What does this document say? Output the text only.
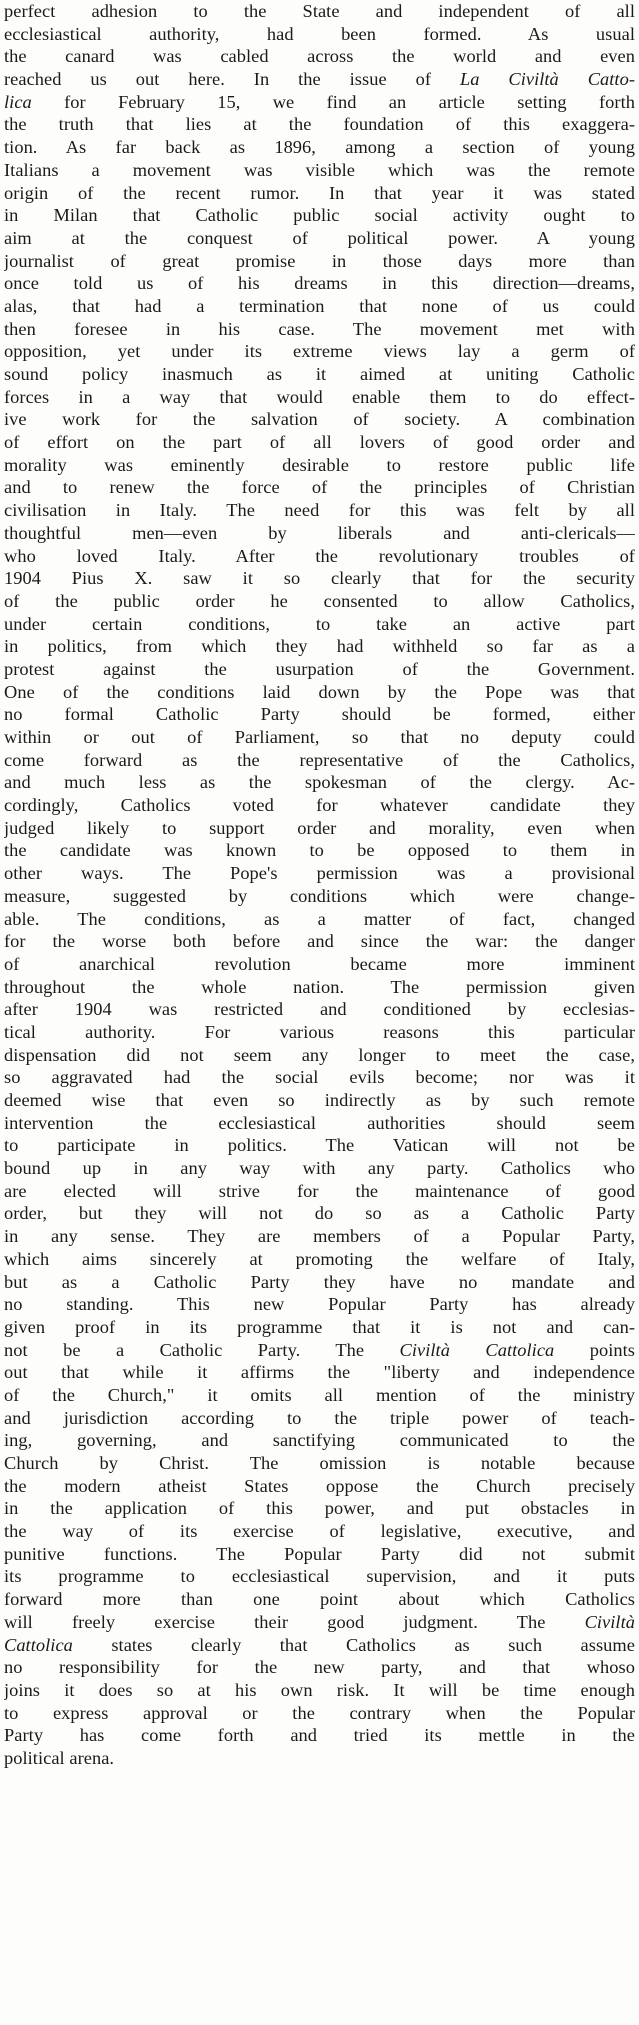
perfect adhesion to the State and independent of all
ecclesiastical authority, had been formed. As usual
the canard was cabled across the world and even
reached us out here. In the issue of La Civiltà Catto-
lica for February 15, we find an article setting forth
the truth that lies at the foundation of this exaggera-
tion. As far back as 1896, among a section of young
Italians a movement was visible which was the remote
origin of the recent rumor. In that year it was stated
in Milan that Catholic public social activity ought to
aim at the conquest of political power. A young
journalist of great promise in those days more than
once told us of his dreams in this direction—dreams,
alas, that had a termination that none of us could
then foresee in his case. The movement met with
opposition, yet under its extreme views lay a germ of
sound policy inasmuch as it aimed at uniting Catholic
forces in a way that would enable them to do effect-
ive work for the salvation of society. A combination
of effort on the part of all lovers of good order and
morality was eminently desirable to restore public life
and to renew the force of the principles of Christian
civilisation in Italy. The need for this was felt by all
thoughtful men—even by liberals and anti-clericals—
who loved Italy. After the revolutionary troubles of
1904 Pius X. saw it so clearly that for the security
of the public order he consented to allow Catholics,
under certain conditions, to take an active part
in politics, from which they had withheld so far as a
protest against the usurpation of the Government.
One of the conditions laid down by the Pope was that
no formal Catholic Party should be formed, either
within or out of Parliament, so that no deputy could
come forward as the representative of the Catholics,
and much less as the spokesman of the clergy. Ac-
cordingly, Catholics voted for whatever candidate they
judged likely to support order and morality, even when
the candidate was known to be opposed to them in
other ways. The Pope's permission was a provisional
measure, suggested by conditions which were change-
able. The conditions, as a matter of fact, changed
for the worse both before and since the war: the danger
of anarchical revolution became more imminent
throughout the whole nation. The permission given
after 1904 was restricted and conditioned by ecclesias-
tical authority. For various reasons this particular
dispensation did not seem any longer to meet the case,
so aggravated had the social evils become; nor was it
deemed wise that even so indirectly as by such remote
intervention the ecclesiastical authorities should seem
to participate in politics. The Vatican will not be
bound up in any way with any party. Catholics who
are elected will strive for the maintenance of good
order, but they will not do so as a Catholic Party
in any sense. They are members of a Popular Party,
which aims sincerely at promoting the welfare of Italy,
but as a Catholic Party they have no mandate and
no standing. This new Popular Party has already
given proof in its programme that it is not and can-
not be a Catholic Party. The Civiltà Cattolica points
out that while it affirms the "liberty and independence
of the Church," it omits all mention of the ministry
and jurisdiction according to the triple power of teach-
ing, governing, and sanctifying communicated to the
Church by Christ. The omission is notable because
the modern atheist States oppose the Church precisely
in the application of this power, and put obstacles in
the way of its exercise of legislative, executive, and
punitive functions. The Popular Party did not submit
its programme to ecclesiastical supervision, and it puts
forward more than one point about which Catholics
will freely exercise their good judgment. The Civiltà
Cattolica states clearly that Catholics as such assume
no responsibility for the new party, and that whoso
joins it does so at his own risk. It will be time enough
to express approval or the contrary when the Popular
Party has come forth and tried its mettle in the
political arena.
